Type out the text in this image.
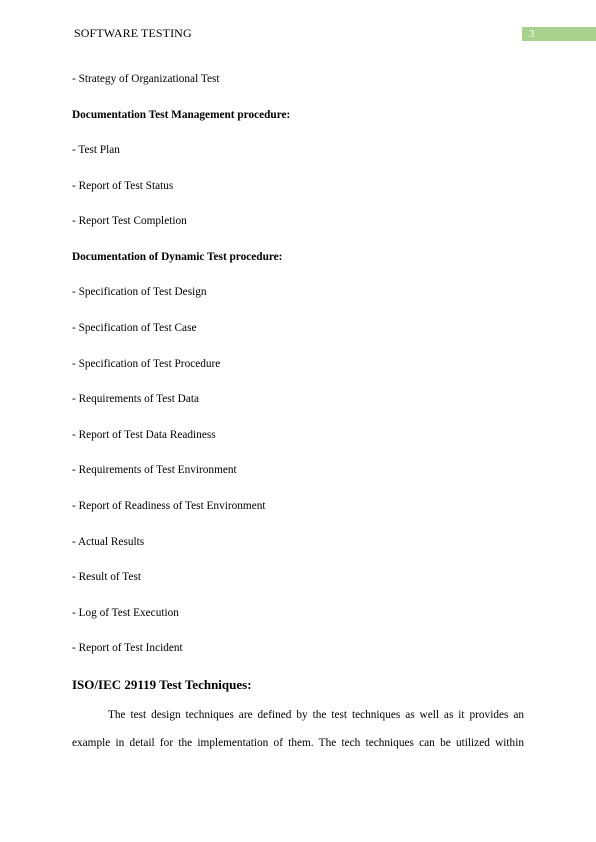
SOFTWARE TESTING	3
- Strategy of Organizational Test
Documentation Test Management procedure:
- Test Plan
- Report of Test Status
- Report Test Completion
Documentation of Dynamic Test procedure:
- Specification of Test Design
- Specification of Test Case
- Specification of Test Procedure
- Requirements of Test Data
- Report of Test Data Readiness
- Requirements of Test Environment
- Report of Readiness of Test Environment
- Actual Results
- Result of Test
- Log of Test Execution
- Report of Test Incident
ISO/IEC 29119 Test Techniques:
The test design techniques are defined by the test techniques as well as it provides an
example in detail for the implementation of them. The tech techniques can be utilized within
